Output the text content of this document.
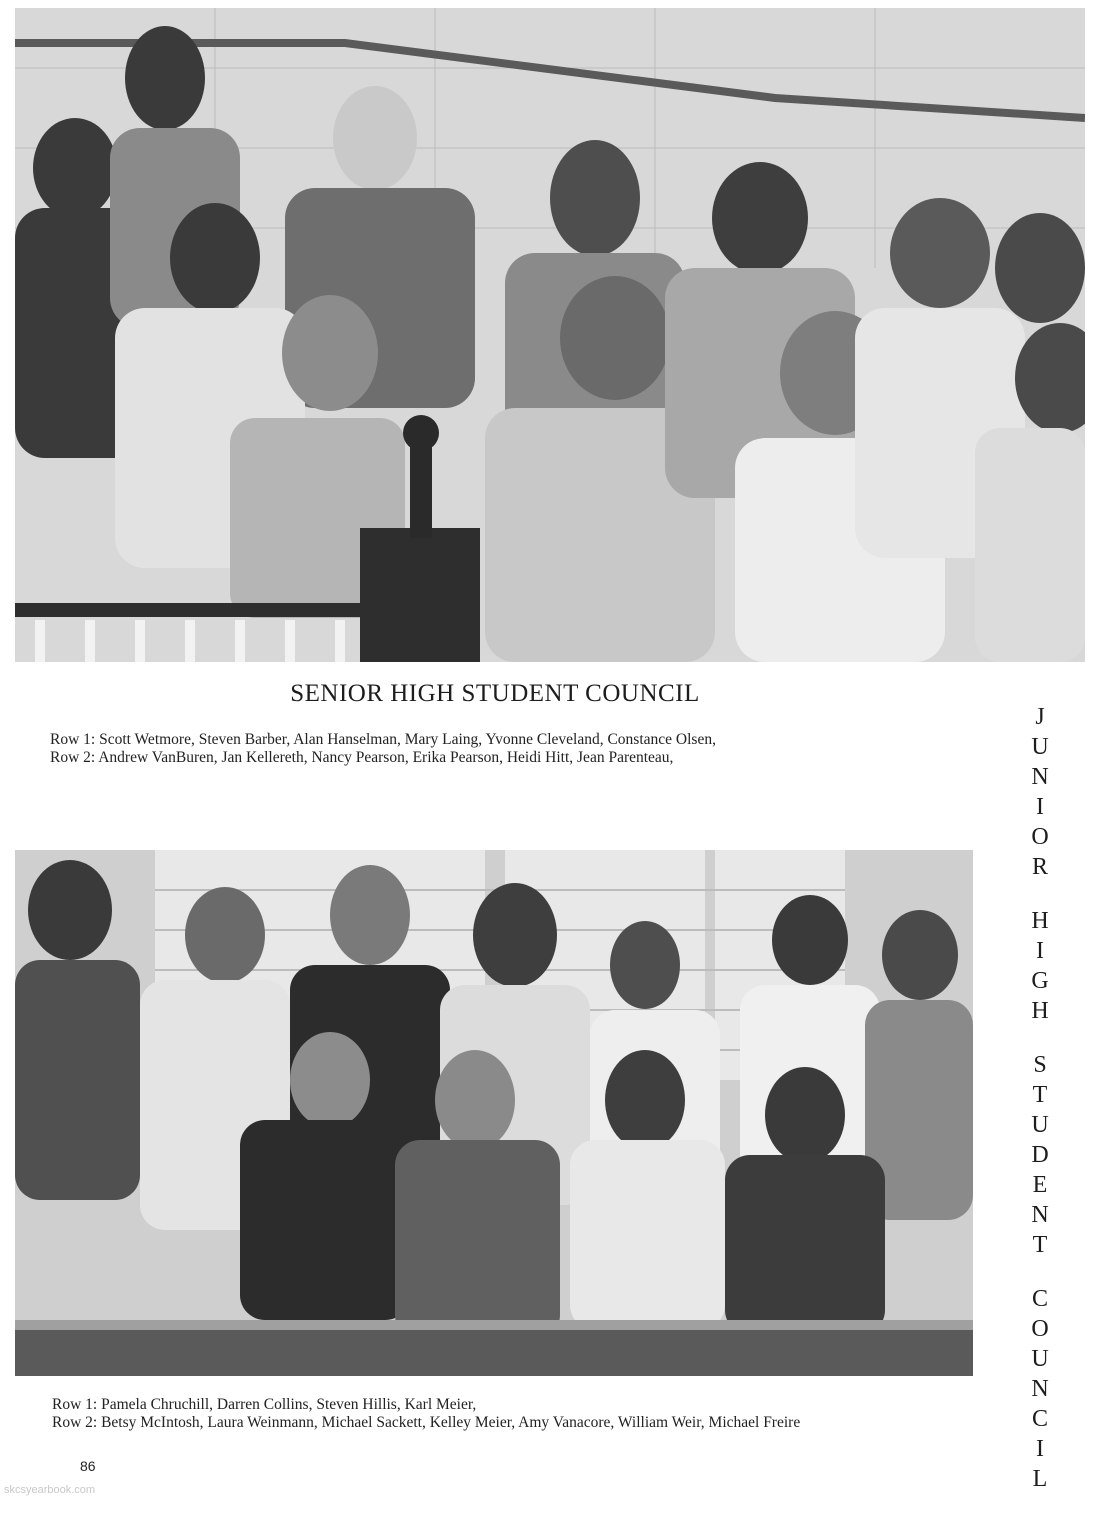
SENIOR HIGH STUDENT COUNCIL
Row 1: Scott Wetmore, Steven Barber, Alan Hanselman, Mary Laing, Yvonne Cleveland, Constance Olsen,
Row 2: Andrew VanBuren, Jan Kellereth, Nancy Pearson, Erika Pearson, Heidi Hitt, Jean Parenteau,
Row 1: Pamela Chruchill, Darren Collins, Steven Hillis, Karl Meier,
Row 2: Betsy McIntosh, Laura Weinmann, Michael Sackett, Kelley Meier, Amy Vanacore, William Weir, Michael Freire
J
U
N
I
O
R
H
I
G
H
S
T
U
D
E
N
T
C
O
U
N
C
I
L
86
skcsyearbook.com
